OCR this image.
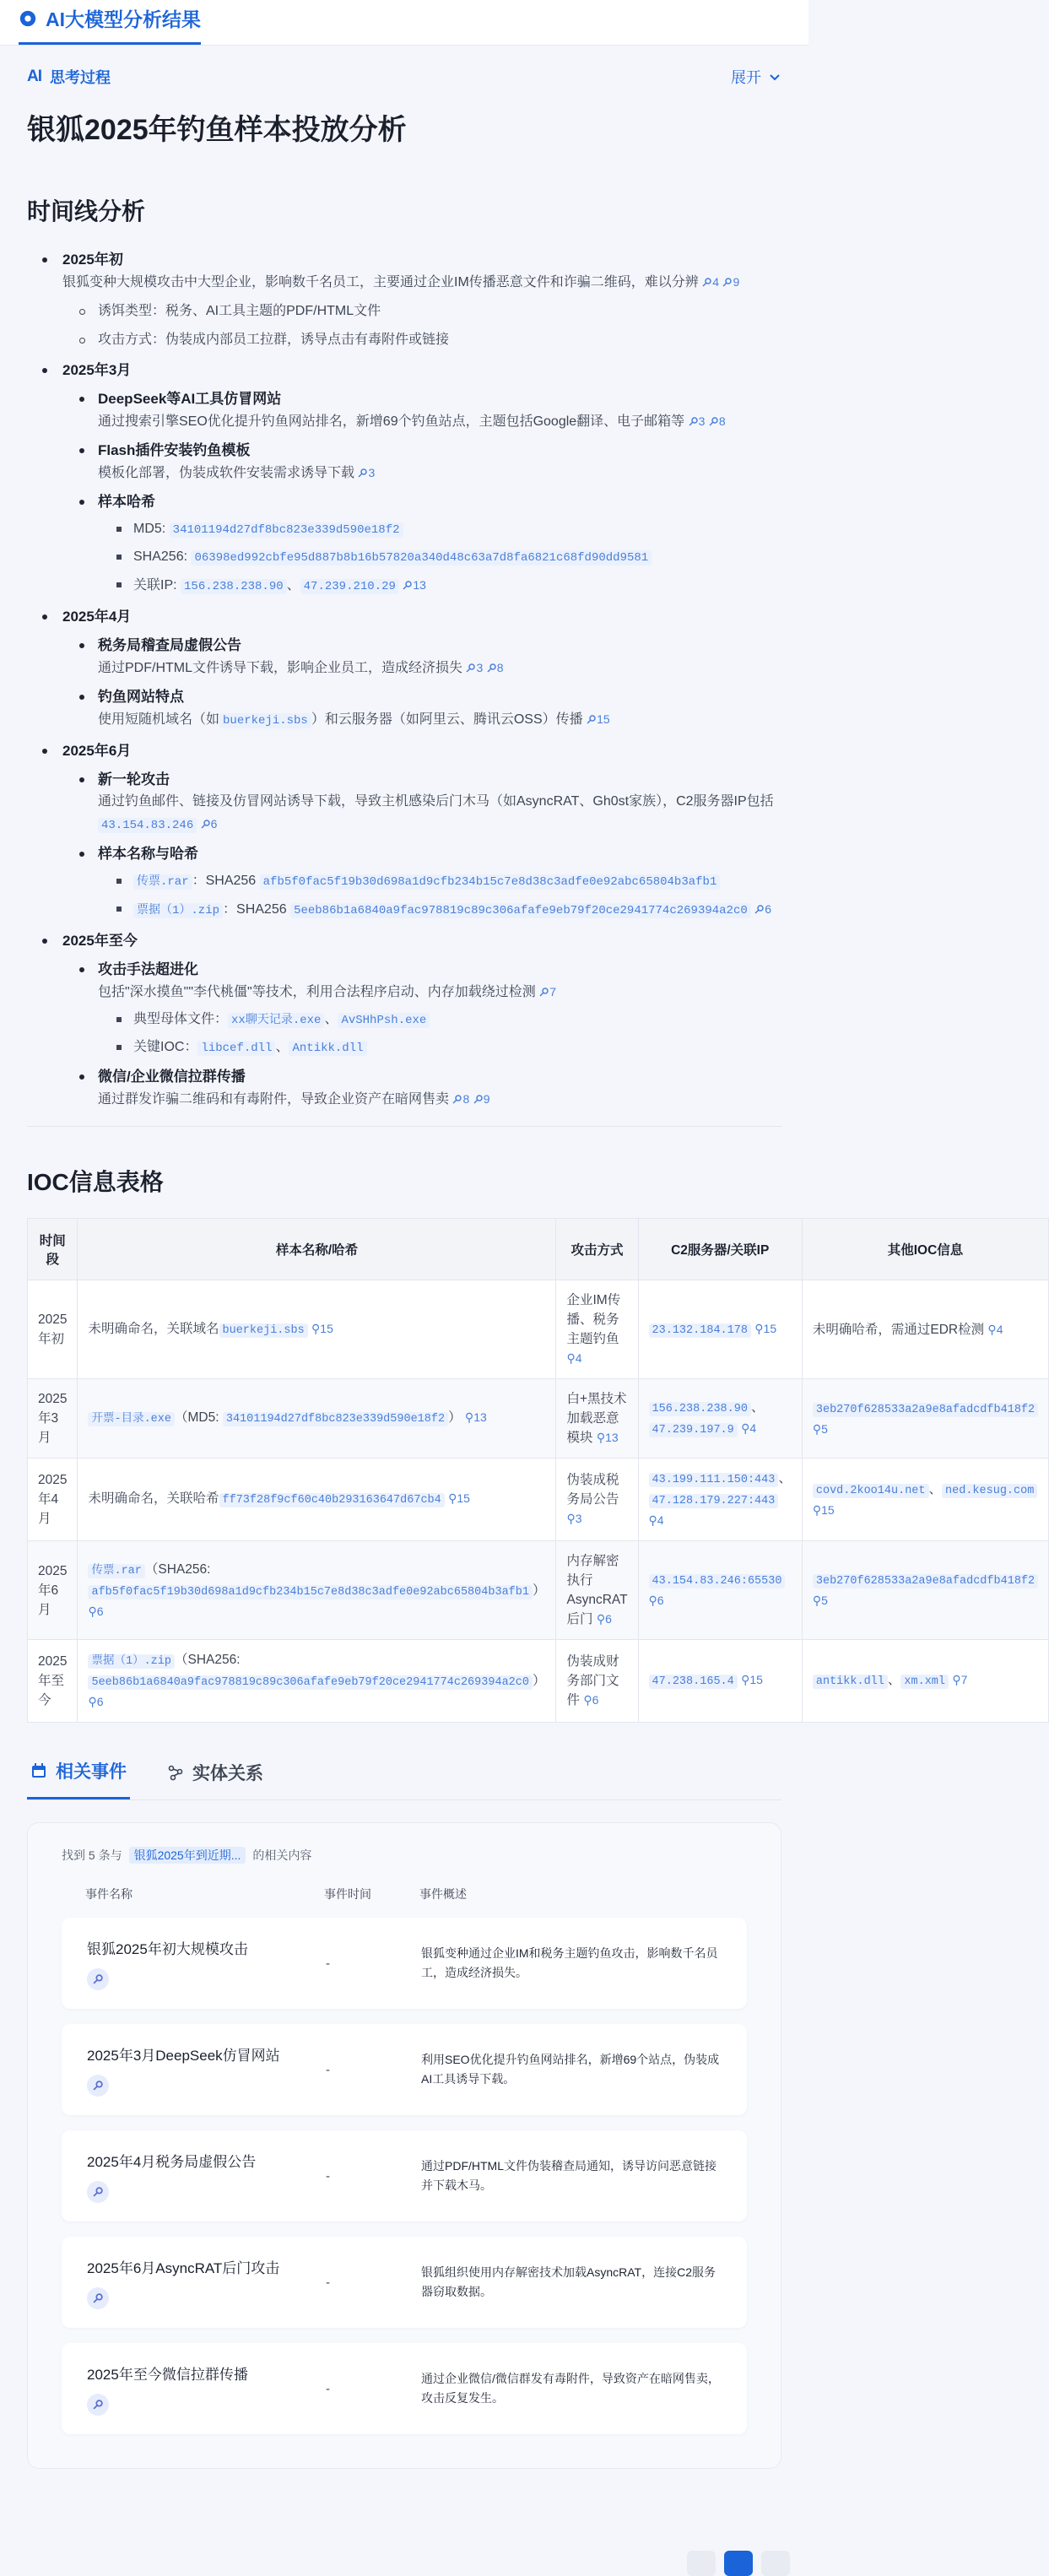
AI大模型分析结果
AI 思考过程	展开
银狐2025年钓鱼样本投放分析
时间线分析
2025年初
银狐变种大规模攻击中大型企业，影响数千名员工，主要通过企业IM传播恶意文件和诈骗二维码，难以分辨 4 9
诱饵类型：税务、AI工具主题的PDF/HTML文件
攻击方式：伪装成内部员工拉群，诱导点击有毒附件或链接
2025年3月
DeepSeek等AI工具仿冒网站
通过搜索引擎SEO优化提升钓鱼网站排名，新增69个钓鱼站点，主题包括Google翻译、电子邮箱等 3 8
Flash插件安装钓鱼模板
模板化部署，伪装成软件安装需求诱导下载 3
样本哈希
MD5: 34101194d27df8bc823e339d590e18f2
SHA256: 06398ed992cbfe95d887b8b16b57820a340d48c63a7d8fa6821c68fd90dd9581
关联IP: 156.238.238.90 、 47.239.210.29 13
2025年4月
税务局稽查局虚假公告
通过PDF/HTML文件诱导下载，影响企业员工，造成经济损失 3 8
钓鱼网站特点
使用短随机域名（如 buerkeji.sbs ）和云服务器（如阿里云、腾讯云OSS）传播 15
2025年6月
新一轮攻击
通过钓鱼邮件、链接及仿冒网站诱导下载，导致主机感染后门木马（如AsyncRAT、Gh0st家族），C2服务器IP包括43.154.83.246 6
样本名称与哈希
传票.rar ：SHA256 afb5f0fac5f19b30d698a1d9cfb234b15c7e8d38c3adfe0e92abc65804b3afb1
票据（1）.zip ：SHA256 5eeb86b1a6840a9fac978819c89c306afafe9eb79f20ce2941774c269394a2c0 6
2025年至今
攻击手法超进化
包括"深水摸鱼""李代桃僵"等技术，利用合法程序启动、内存加载绕过检测 7
典型母体文件： xx聊天记录.exe 、 AvSHhPsh.exe
关键IOC： libcef.dll 、 Antikk.dll
微信/企业微信拉群传播
通过群发诈骗二维码和有毒附件，导致企业资产在暗网售卖 8 9
IOC信息表格
时间段	样本名称/哈希	攻击方式	C2服务器/关联IP	其他IOC信息
2025年初	未明确命名，关联域名 buerkeji.sbs ⚲15	企业IM传播、税务主题钓鱼 ⚲4	23.132.184.178 ⚲15	未明确哈希，需通过EDR检测 ⚲4
2025年3月	开票-目录.exe （MD5: 34101194d27df8bc823e339d590e18f2 ） ⚲13	白+黑技术加载恶意模块 ⚲13	156.238.238.90 、47.239.197.9 ⚲4	3eb270f628533a2a9e8afadcdfb418f2 ⚲5
2025年4月	未明确命名，关联哈希 ff73f28f9cf60c40b293163647d67cb4 ⚲15	伪装成税务局公告 ⚲3	43.199.111.150:443 、47.128.179.227:443 ⚲4	covd.2koo14u.net 、 ned.kesug.com ⚲15
2025年6月	传票.rar （SHA256: afb5f0fac5f19b30d698a1d9cfb234b15c7e8d38c3adfe0e92abc65804b3afb1 ） ⚲6	内存解密执行AsyncRAT后门 ⚲6	43.154.83.246:65530 ⚲6	3eb270f628533a2a9e8afadcdfb418f2 ⚲5
2025年至今	票据（1）.zip （SHA256: 5eeb86b1a6840a9fac978819c89c306afafe9eb79f20ce2941774c269394a2c0 ） ⚲6	伪装成财务部门文件 ⚲6	47.238.165.4 ⚲15	antikk.dll 、 xm.xml ⚲7
相关事件	实体关系
找到 5 条与 银狐2025年到近期... 的相关内容
事件名称	事件时间	事件概述
银狐2025年初大规模攻击
-
银狐变种通过企业IM和税务主题钓鱼攻击，影响数千名员工，造成经济损失。
2025年3月DeepSeek仿冒网站
-
利用SEO优化提升钓鱼网站排名，新增69个站点，伪装成AI工具诱导下载。
2025年4月税务局虚假公告
-
通过PDF/HTML文件伪装稽查局通知，诱导访问恶意链接并下载木马。
2025年6月AsyncRAT后门攻击
-
银狐组织使用内存解密技术加载AsyncRAT，连接C2服务器窃取数据。
2025年至今微信拉群传播
-
通过企业微信/微信群发有毒附件，导致资产在暗网售卖，攻击反复发生。
